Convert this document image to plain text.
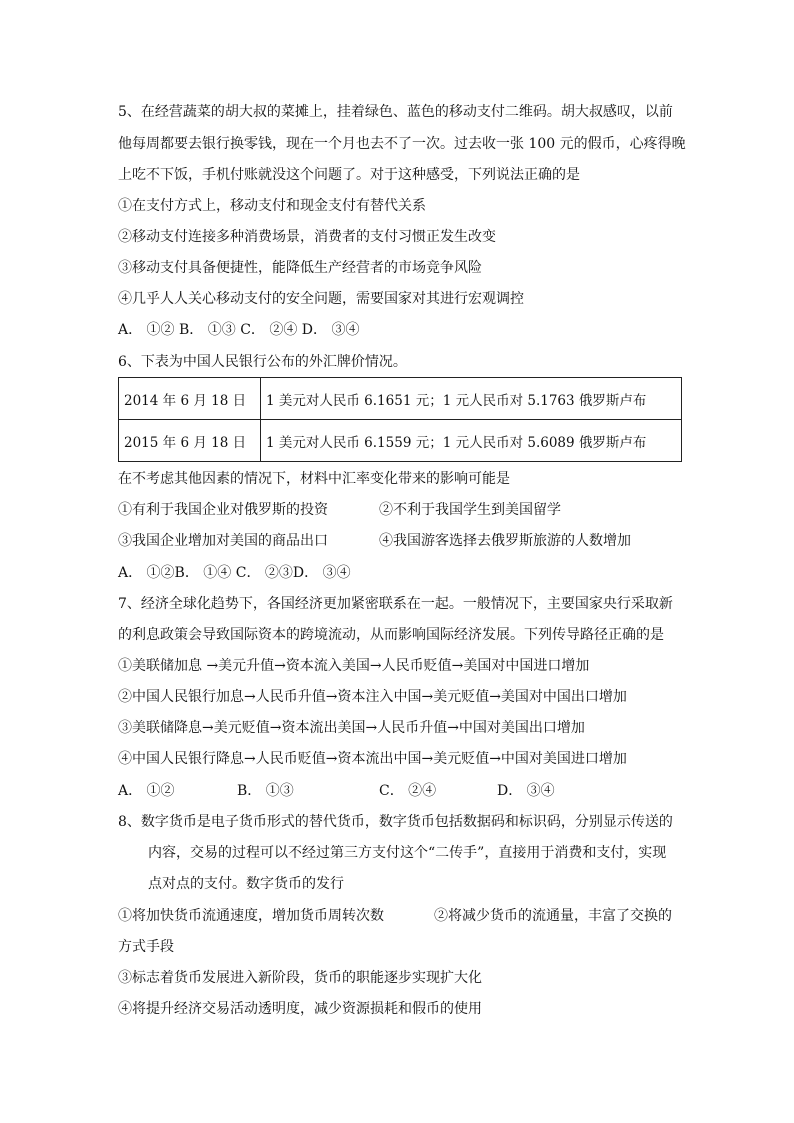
5、在经营蔬菜的胡大叔的菜摊上，挂着绿色、蓝色的移动支付二维码。胡大叔感叹，以前
他每周都要去银行换零钱，现在一个月也去不了一次。过去收一张 100 元的假币，心疼得晚
上吃不下饭，手机付账就没这个问题了。对于这种感受，下列说法正确的是
①在支付方式上，移动支付和现金支付有替代关系
②移动支付连接多种消费场景，消费者的支付习惯正发生改变
③移动支付具备便捷性，能降低生产经营者的市场竞争风险
④几乎人人关心移动支付的安全问题，需要国家对其进行宏观调控
A． ①② B． ①③ C． ②④ D． ③④
6、下表为中国人民银行公布的外汇牌价情况。
2014 年 6 月 18 日	1 美元对人民币 6.1651 元；1 元人民币对 5.1763 俄罗斯卢布
2015 年 6 月 18 日	1 美元对人民币 6.1559 元；1 元人民币对 5.6089 俄罗斯卢布
在不考虑其他因素的情况下，材料中汇率变化带来的影响可能是
①有利于我国企业对俄罗斯的投资	②不利于我国学生到美国留学
③我国企业增加对美国的商品出口	④我国游客选择去俄罗斯旅游的人数增加
A． ①②B． ①④ C． ②③D． ③④
7、经济全球化趋势下，各国经济更加紧密联系在一起。一般情况下，主要国家央行采取新
的利息政策会导致国际资本的跨境流动，从而影响国际经济发展。下列传导路径正确的是
①美联储加息 →美元升值→资本流入美国→人民币贬值→美国对中国进口增加
②中国人民银行加息→人民币升值→资本注入中国→美元贬值→美国对中国出口增加
③美联储降息→美元贬值→资本流出美国→人民币升值→中国对美国出口增加
④中国人民银行降息→人民币贬值→资本流出中国→美元贬值→中国对美国进口增加
A． ①②	B． ①③	C． ②④	D． ③④
8、数字货币是电子货币形式的替代货币，数字货币包括数据码和标识码，分别显示传送的
内容，交易的过程可以不经过第三方支付这个“二传手”，直接用于消费和支付，实现
点对点的支付。数字货币的发行
①将加快货币流通速度，增加货币周转次数	②将减少货币的流通量，丰富了交换的
方式手段
③标志着货币发展进入新阶段，货币的职能逐步实现扩大化
④将提升经济交易活动透明度，减少资源损耗和假币的使用
